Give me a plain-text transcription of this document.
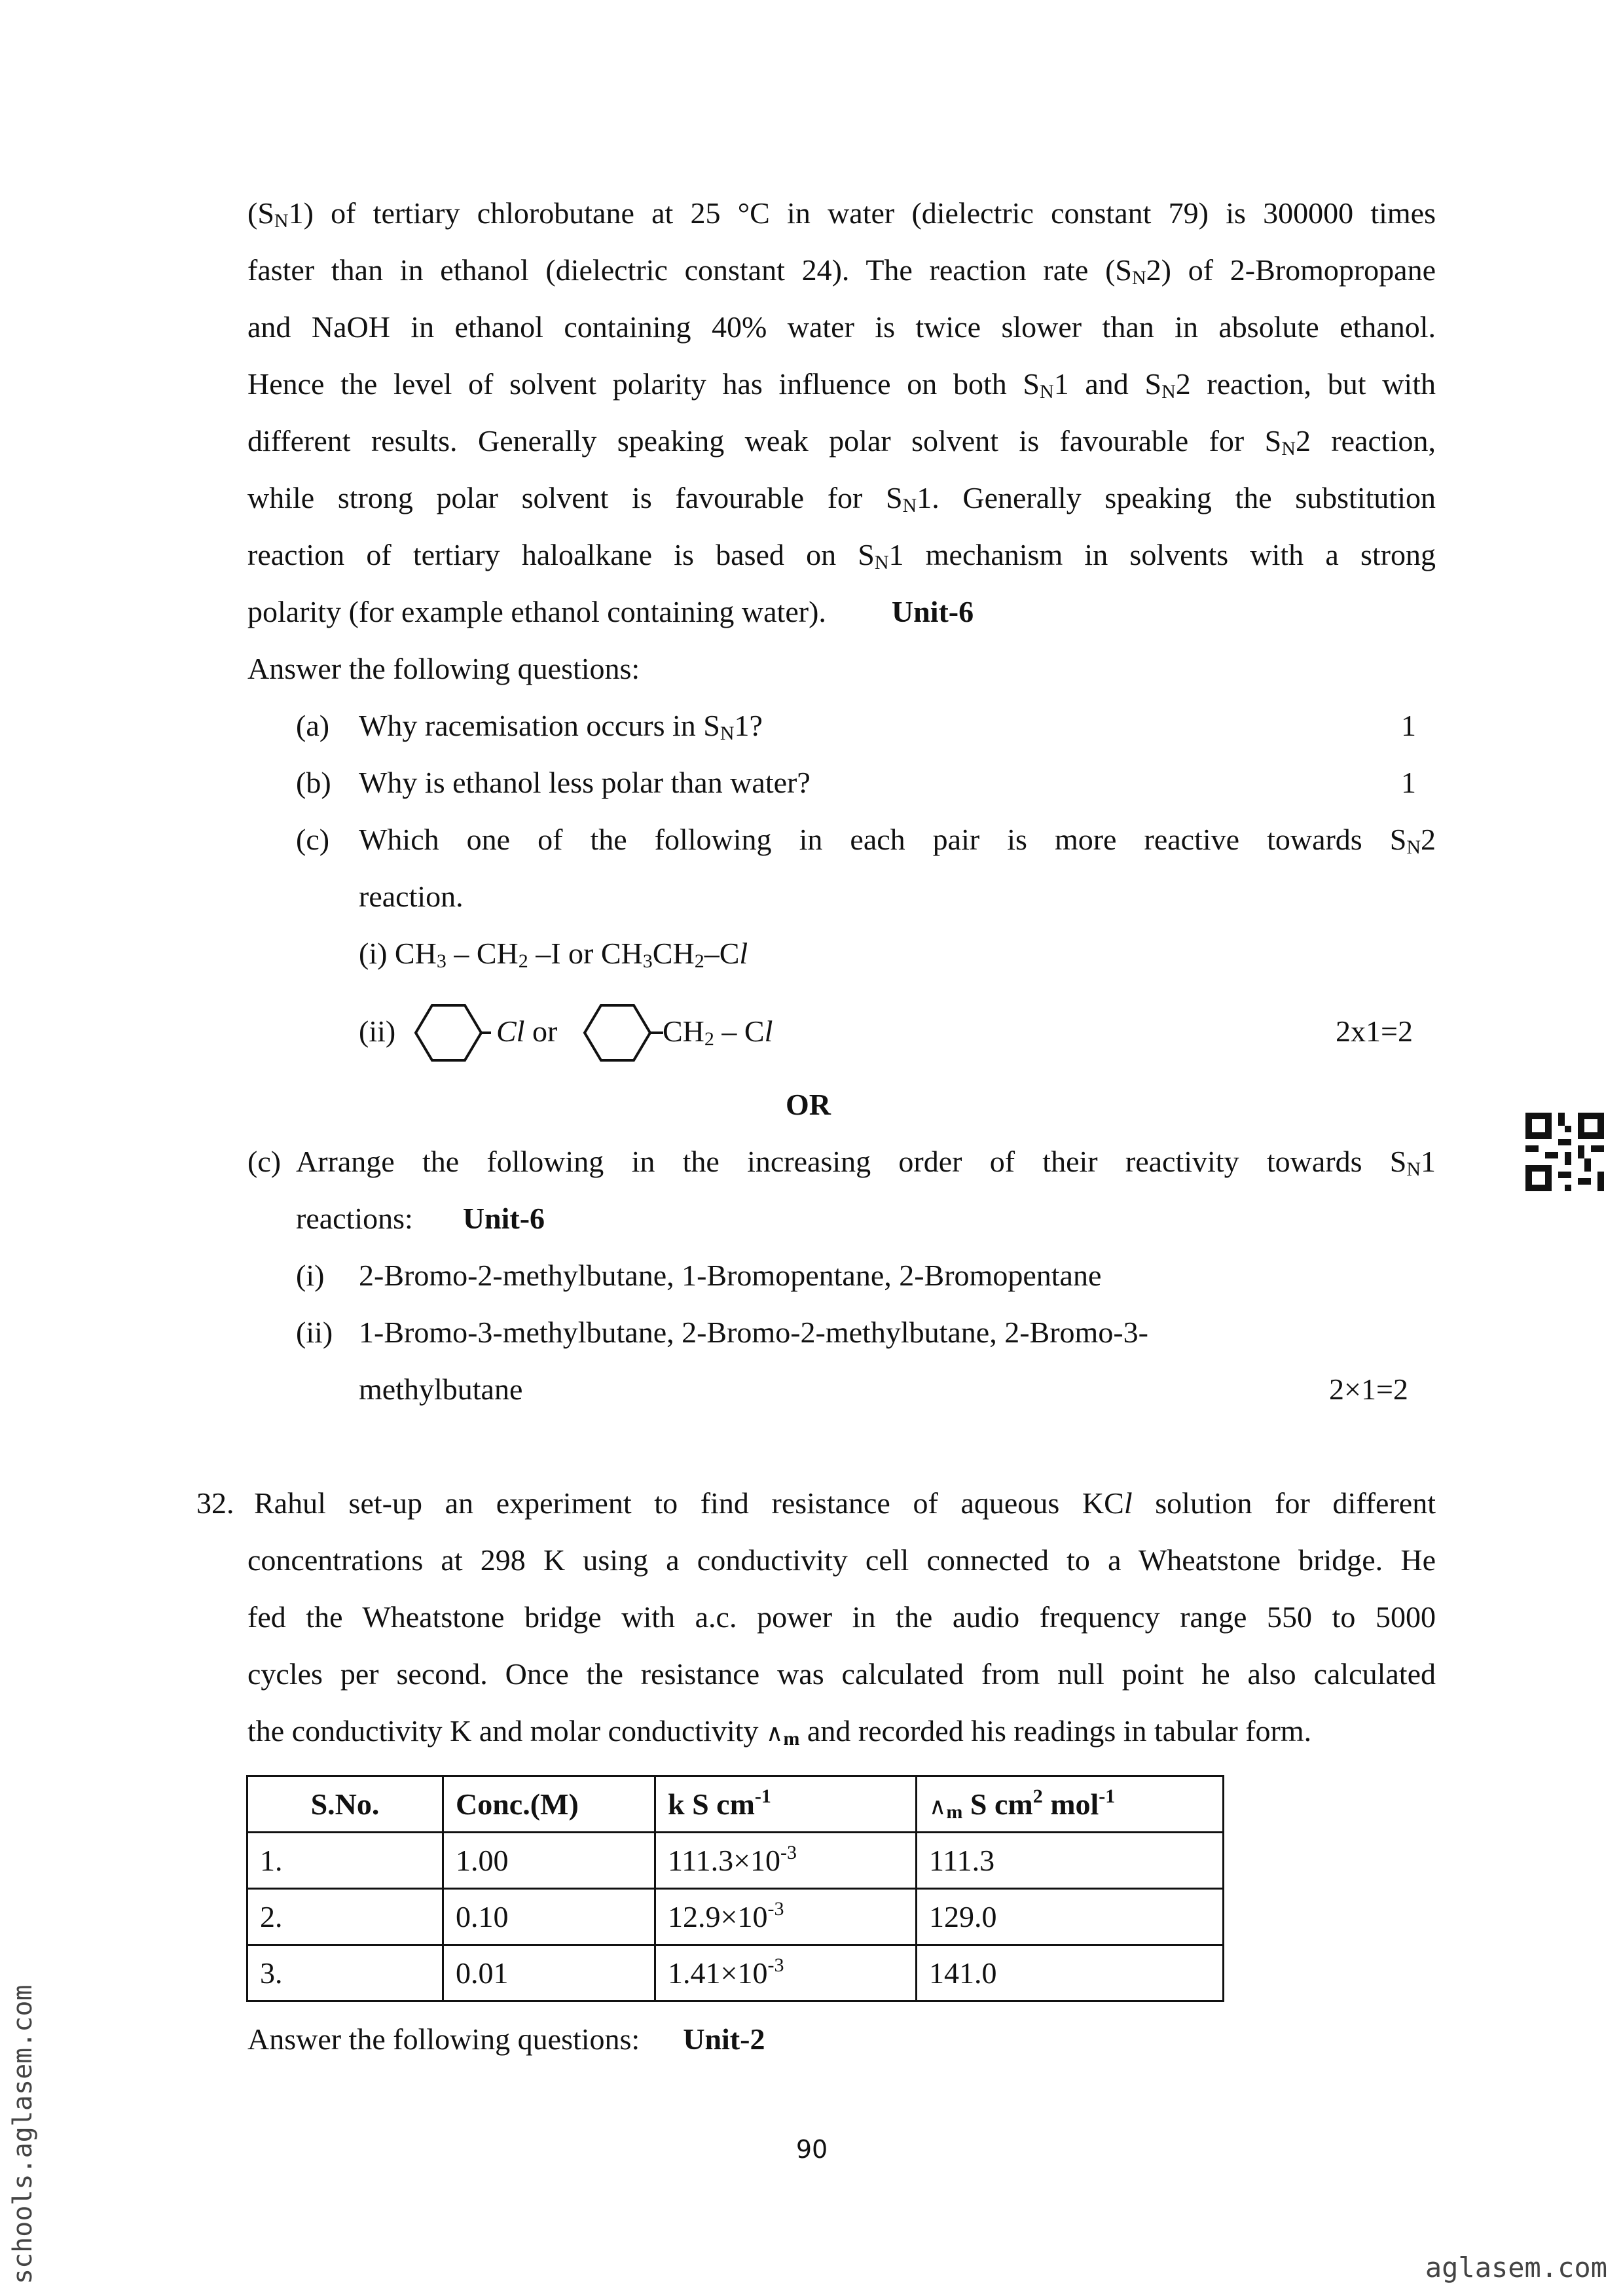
$(S_N1)$ of tertiary chlorobutane at 25 °C in water (dielectric constant 79) is 300000 times
faster than in ethanol (dielectric constant 24). The reaction rate $(S_N2)$ of 2-Bromopropane
and NaOH in ethanol containing 40% water is twice slower than in absolute ethanol.
Hence the level of solvent polarity has influence on both $S_N1$ and $S_N2$ reaction, but with
different results. Generally speaking weak polar solvent is favourable for $S_N2$ reaction,
while strong polar solvent is favourable for $S_N1$. Generally speaking the substitution
reaction of tertiary haloalkane is based on $S_N1$ mechanism in solvents with a strong
polarity (for example ethanol containing water). Unit-6
Answer the following questions:
(a) Why racemisation occurs in $S_N1$?	1
(b) Why is ethanol less polar than water?	1
(c) Which one of the following in each pair is more reactive towards $S_N2$
reaction.
(i) $CH_3 - CH_2$ –I or $CH_3CH_2-Cl$
(ii)	Cl or	$CH_2$ – Cl	2x1=2
OR
(c) Arrange the following in the increasing order of their reactivity towards $S_N1$
reactions: Unit-6
(i) 2-Bromo-2-methylbutane, 1-Bromopentane, 2-Bromopentane
(ii) 1-Bromo-3-methylbutane, 2-Bromo-2-methylbutane, 2-Bromo-3-
methylbutane	2×1=2
32. Rahul set-up an experiment to find resistance of aqueous KCl solution for different
concentrations at 298 K using a conductivity cell connected to a Wheatstone bridge. He
fed the Wheatstone bridge with a.c. power in the audio frequency range 550 to 5000
cycles per second. Once the resistance was calculated from null point he also calculated
the conductivity K and molar conductivity $\wedge_m$ and recorded his readings in tabular form.
S.No.	Conc.(M)	k S $cm^{-1}$	$\wedge_m$ S $cm^2$ mol$^{-1}$
1.	1.00	$111.3\times 10^{-3}$	111.3
2.	0.10	$12.9\times 10^{-3}$	129.0
3.	0.01	$1.41\times 10^{-3}$	141.0
Answer the following questions: Unit-2
90
schools.aglasem.com	aglasem.com
